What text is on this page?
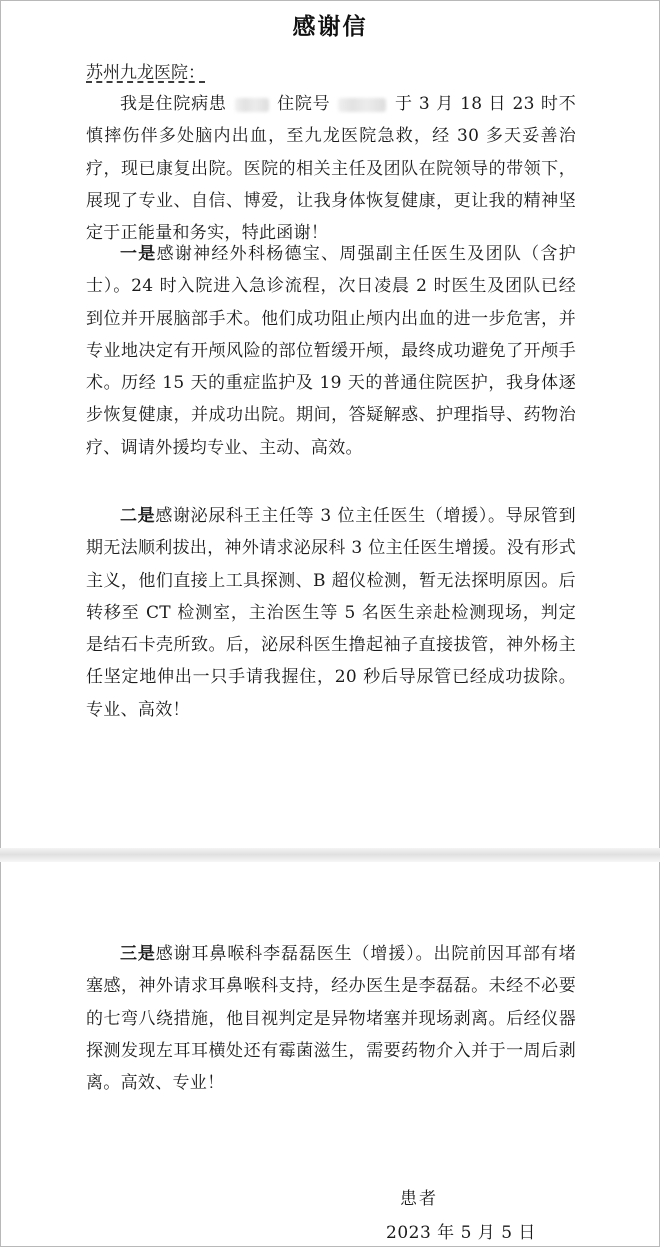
感谢信
苏州九龙医院：

我是住院病患	住院号	于 3 月 18 日 23 时不慎摔伤伴多处脑内出血，至九龙医院急救，经 30 多天妥善治疗，现已康复出院。医院的相关主任及团队在院领导的带领下，展现了专业、自信、博爱，让我身体恢复健康，更让我的精神坚定于正能量和务实，特此函谢！

一是感谢神经外科杨德宝、周强副主任医生及团队（含护士）。24 时入院进入急诊流程，次日凌晨 2 时医生及团队已经到位并开展脑部手术。他们成功阻止颅内出血的进一步危害，并专业地决定有开颅风险的部位暂缓开颅，最终成功避免了开颅手术。历经 15 天的重症监护及 19 天的普通住院医护，我身体逐步恢复健康，并成功出院。期间，答疑解惑、护理指导、药物治疗、调请外援均专业、主动、高效。

二是感谢泌尿科王主任等 3 位主任医生（增援）。导尿管到期无法顺利拔出，神外请求泌尿科 3 位主任医生增援。没有形式主义，他们直接上工具探测、B 超仪检测，暂无法探明原因。后转移至 CT 检测室，主治医生等 5 名医生亲赴检测现场，判定是结石卡壳所致。后，泌尿科医生撸起袖子直接拔管，神外杨主任坚定地伸出一只手请我握住，20 秒后导尿管已经成功拔除。专业、高效！

三是感谢耳鼻喉科李磊磊医生（增援）。出院前因耳部有堵塞感，神外请求耳鼻喉科支持，经办医生是李磊磊。未经不必要的七弯八绕措施，他目视判定是异物堵塞并现场剥离。后经仪器探测发现左耳耳横处还有霉菌滋生，需要药物介入并于一周后剥离。高效、专业！

患者
2023 年 5 月 5 日
